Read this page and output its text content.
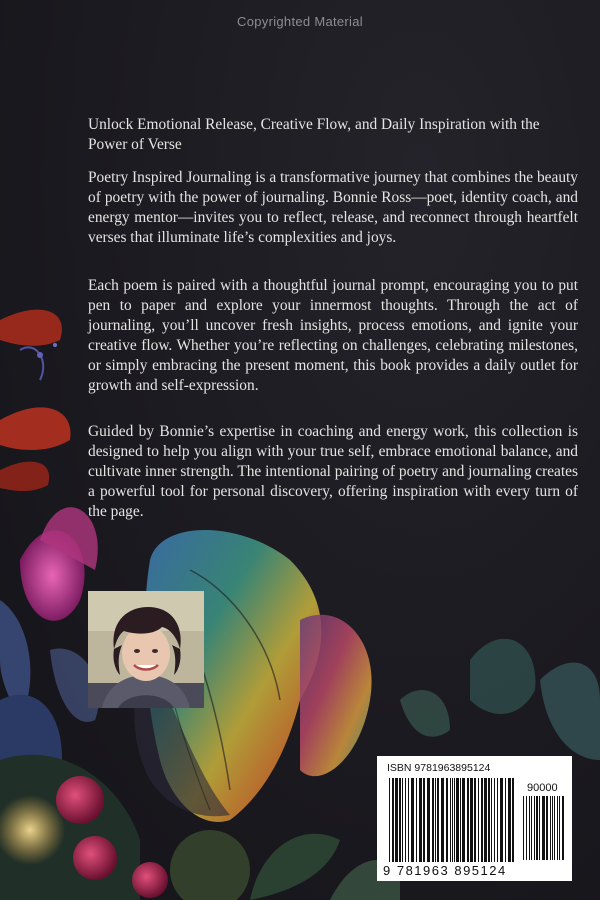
Copyrighted Material
Unlock Emotional Release, Creative Flow, and Daily Inspiration with the Power of Verse

Poetry Inspired Journaling is a transformative journey that combines the beauty of poetry with the power of journaling. Bonnie Ross—poet, identity coach, and energy mentor—invites you to reflect, release, and reconnect through heartfelt verses that illuminate life’s complexities and joys.

Each poem is paired with a thoughtful journal prompt, encouraging you to put pen to paper and explore your innermost thoughts. Through the act of journaling, you’ll uncover fresh insights, process emotions, and ignite your creative flow. Whether you’re reflecting on challenges, celebrating milestones, or simply embracing the present moment, this book provides a daily outlet for growth and self-expression.

Guided by Bonnie’s expertise in coaching and energy work, this collection is designed to help you align with your true self, embrace emotional balance, and cultivate inner strength. The intentional pairing of poetry and journaling creates a powerful tool for personal discovery, offering inspiration with every turn of the page.

ISBN 9781963895124
90000
9 781963 895124
